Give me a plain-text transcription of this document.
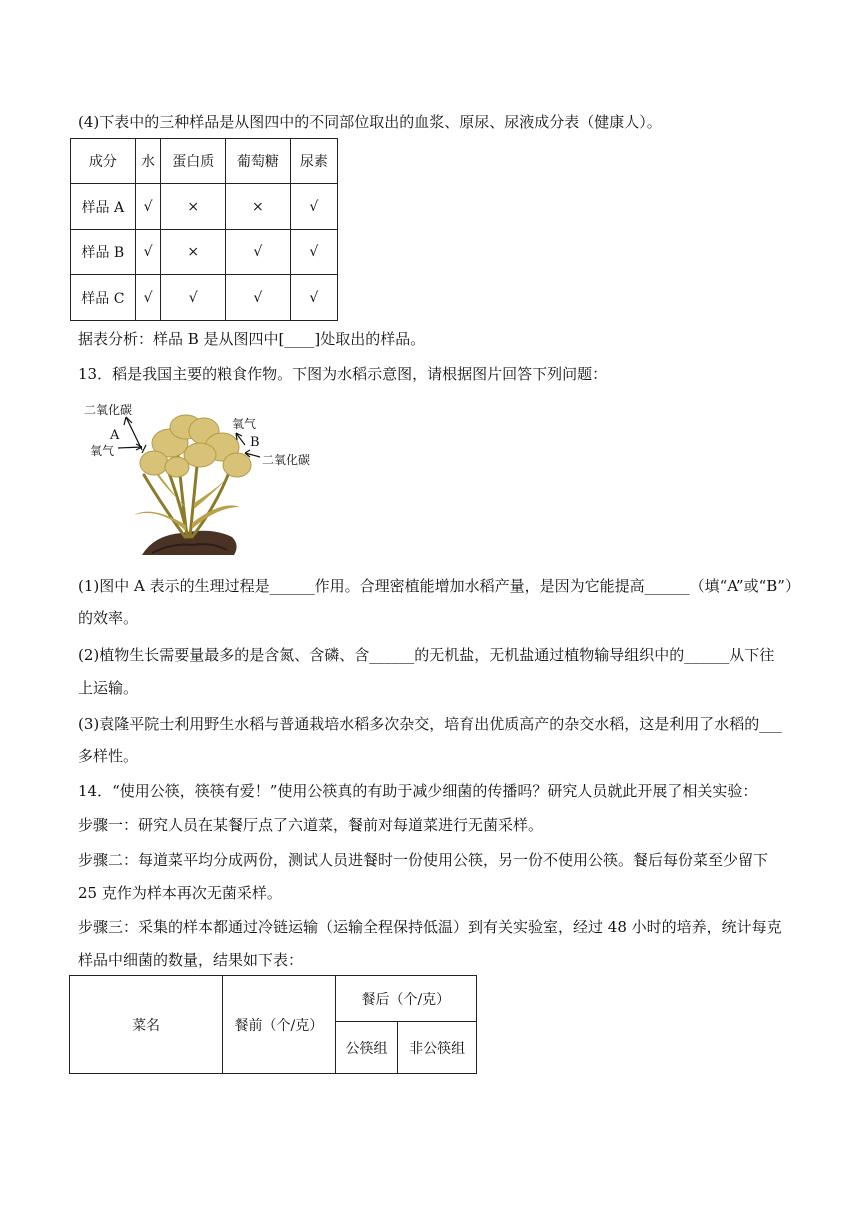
(4)下表中的三种样品是从图四中的不同部位取出的血浆、原尿、尿液成分表（健康人）。
成分	水	蛋白质	葡萄糖	尿素
样品 A	√	×	×	√
样品 B	√	×	√	√
样品 C	√	√	√	√
据表分析：样品 B 是从图四中[____]处取出的样品。
13．稻是我国主要的粮食作物。下图为水稻示意图，请根据图片回答下列问题：
二氧化碳
A
氧气
氧气
B
二氧化碳
(1)图中 A 表示的生理过程是______作用。合理密植能增加水稻产量，是因为它能提高______（填“A”或“B”）
的效率。
(2)植物生长需要量最多的是含氮、含磷、含______的无机盐，无机盐通过植物输导组织中的______从下往
上运输。
(3)袁隆平院士利用野生水稻与普通栽培水稻多次杂交，培育出优质高产的杂交水稻，这是利用了水稻的___
多样性。
14．“使用公筷，筷筷有爱！”使用公筷真的有助于减少细菌的传播吗？研究人员就此开展了相关实验：
步骤一：研究人员在某餐厅点了六道菜，餐前对每道菜进行无菌采样。
步骤二：每道菜平均分成两份，测试人员进餐时一份使用公筷，另一份不使用公筷。餐后每份菜至少留下
25 克作为样本再次无菌采样。
步骤三：采集的样本都通过冷链运输（运输全程保持低温）到有关实验室，经过 48 小时的培养，统计每克
样品中细菌的数量，结果如下表：
菜名	餐前（个/克）	餐后（个/克）	
		公筷组	非公筷组
